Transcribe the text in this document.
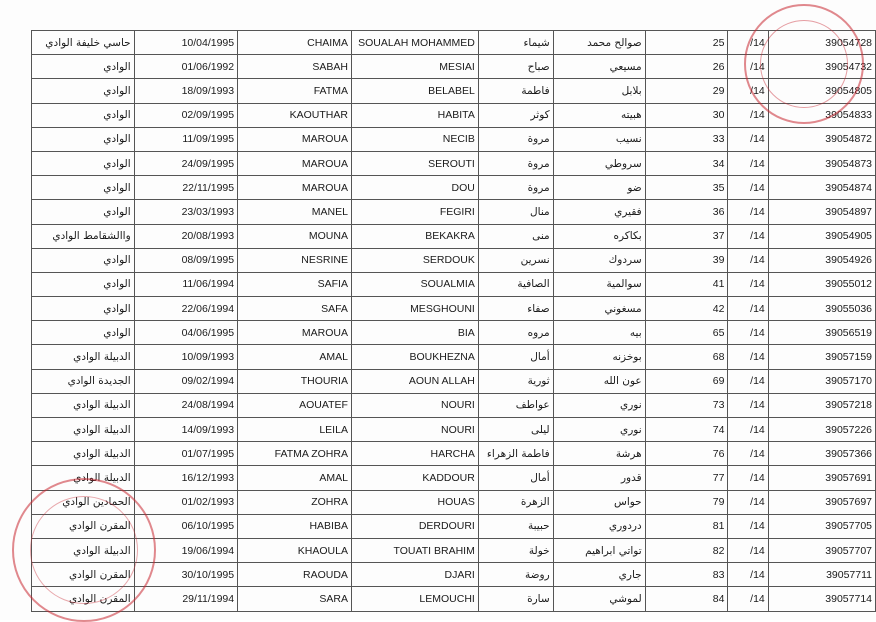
حاسي خليفة الوادي	10/04/1995	CHAIMA	SOUALAH MOHAMMED	شيماء	صوالح محمد	25	/14	39054728
الوادي	01/06/1992	SABAH	MESIAI	صباح	مسيعي	26	/14	39054732
الوادي	18/09/1993	FATMA	BELABEL	فاطمة	بلابل	29	/14	39054805
الوادي	02/09/1995	KAOUTHAR	HABITA	كوثر	هبيته	30	/14	39054833
الوادي	11/09/1995	MAROUA	NECIB	مروة	نسيب	33	/14	39054872
الوادي	24/09/1995	MAROUA	SEROUTI	مروة	سروطي	34	/14	39054873
الوادي	22/11/1995	MAROUA	DOU	مروة	ضو	35	/14	39054874
الوادي	23/03/1993	MANEL	FEGIRI	منال	فقيري	36	/14	39054897
واالشقامط الوادي	20/08/1993	MOUNA	BEKAKRA	منى	بكاكره	37	/14	39054905
الوادي	08/09/1995	NESRINE	SERDOUK	نسرين	سردوك	39	/14	39054926
الوادي	11/06/1994	SAFIA	SOUALMIA	الصافية	سوالمية	41	/14	39055012
الوادي	22/06/1994	SAFA	MESGHOUNI	صفاء	مسغوني	42	/14	39055036
الوادي	04/06/1995	MAROUA	BIA	مروه	بيه	65	/14	39056519
الدبيلة الوادي	10/09/1993	AMAL	BOUKHEZNA	أمال	بوخزنه	68	/14	39057159
الجديدة الوادي	09/02/1994	THOURIA	AOUN ALLAH	ثورية	عون الله	69	/14	39057170
الدبيلة الوادي	24/08/1994	AOUATEF	NOURI	عواطف	نوري	73	/14	39057218
الدبيلة الوادي	14/09/1993	LEILA	NOURI	ليلى	نوري	74	/14	39057226
الدبيلة الوادي	01/07/1995	FATMA ZOHRA	HARCHA	فاطمة الزهراء	هرشة	76	/14	39057366
الدبيلة الوادي	16/12/1993	AMAL	KADDOUR	أمال	قدور	77	/14	39057691
الحمادين الوادي	01/02/1993	ZOHRA	HOUAS	الزهرة	حواس	79	/14	39057697
المقرن الوادي	06/10/1995	HABIBA	DERDOURI	حبيبة	دردوري	81	/14	39057705
الدبيلة الوادي	19/06/1994	KHAOULA	TOUATI BRAHIM	خولة	تواتي ابراهيم	82	/14	39057707
المقرن الوادي	30/10/1995	RAOUDA	DJARI	روضة	جاري	83	/14	39057711
المقرن الوادي	29/11/1994	SARA	LEMOUCHI	سارة	لموشي	84	/14	39057714
